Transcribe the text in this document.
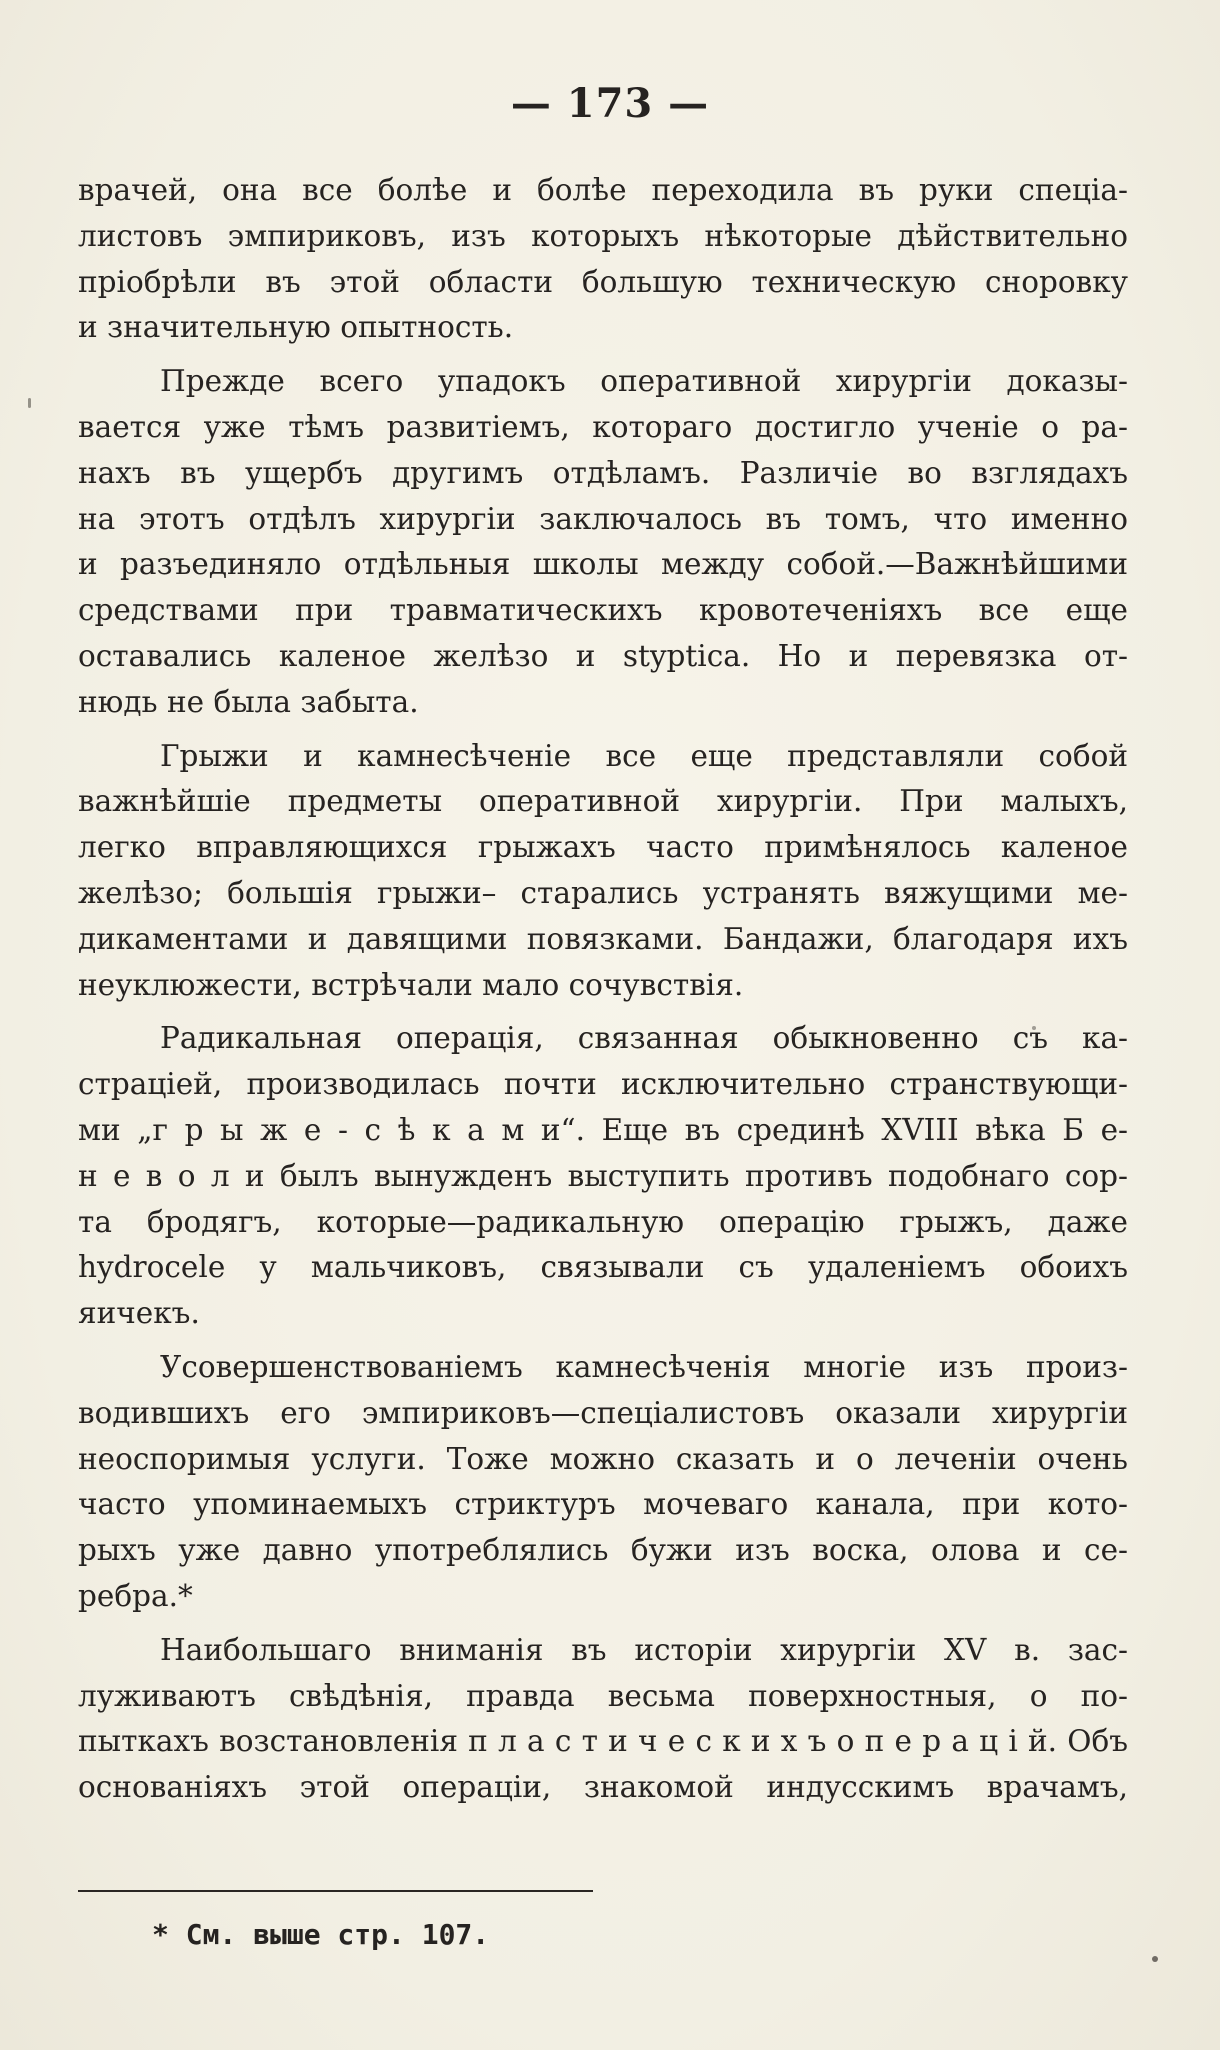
— 173 —
врачей, она все болѣе и болѣе переходила въ руки спеціа-
листовъ эмпириковъ, изъ которыхъ нѣкоторые дѣйствительно
пріобрѣли въ этой области большую техническую сноровку
и значительную опытность.
Прежде всего упадокъ оперативной хирургіи доказы-
вается уже тѣмъ развитіемъ, котораго достигло ученіе о ра-
нахъ въ ущербъ другимъ отдѣламъ. Различіе во взглядахъ
на этотъ отдѣлъ хирургіи заключалось въ томъ, что именно
и разъединяло отдѣльныя школы между собой.—Важнѣйшими
средствами при травматическихъ кровотеченіяхъ все еще
оставались каленое желѣзо и styptica. Но и перевязка от-
нюдь не была забыта.
Грыжи и камнесѣченіе все еще представляли собой
важнѣйшіе предметы оперативной хирургіи. При малыхъ,
легко вправляющихся грыжахъ часто примѣнялось каленое
желѣзо; большія грыжи– старались устранять вяжущими ме-
дикаментами и давящими повязками. Бандажи, благодаря ихъ
неуклюжести, встрѣчали мало сочувствія.
Радикальная операція, связанная обыкновенно съ ка-
страціей, производилась почти исключительно странствующи-
ми „г р ы ж е - с ѣ к а м и“. Еще въ срединѣ XVIII вѣка Б е-
н е в о л и былъ вынужденъ выступить противъ подобнаго сор-
та бродягъ, которые—радикальную операцію грыжъ, даже
hydrocele у мальчиковъ, связывали съ удаленіемъ обоихъ
яичекъ.
Усовершенствованіемъ камнесѣченія многіе изъ произ-
водившихъ его эмпириковъ—спеціалистовъ оказали хирургіи
неоспоримыя услуги. Тоже можно сказать и о леченіи очень
часто упоминаемыхъ стриктуръ мочеваго канала, при кото-
рыхъ уже давно употреблялись бужи изъ воска, олова и се-
ребра.*
Наибольшаго вниманія въ исторіи хирургіи XV в. зас-
луживаютъ свѣдѣнія, правда весьма поверхностныя, о по-
пыткахъ возстановленія п л а с т и ч е с к и х ъ о п е р а ц і й. Объ
основаніяхъ этой операціи, знакомой индусскимъ врачамъ,
* См. выше стр. 107.
